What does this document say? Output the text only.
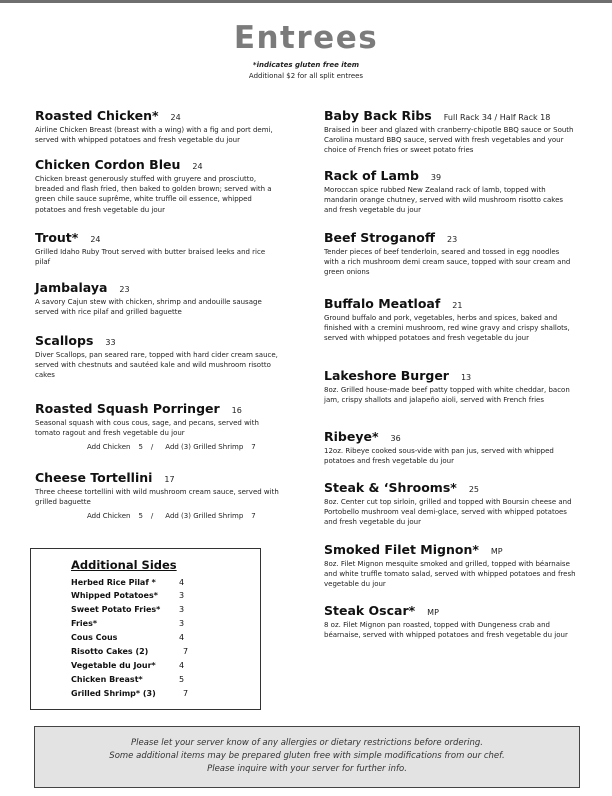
Entrees
*indicates gluten free item
Additional $2 for all split entrees
Roasted Chicken* 24
Airline Chicken Breast (breast with a wing) with a fig and port demi, served with whipped potatoes and fresh vegetable du jour
Chicken Cordon Bleu 24
Chicken breast generously stuffed with gruyere and prosciutto, breaded and flash fried, then baked to golden brown; served with a green chile sauce suprême, white truffle oil essence, whipped potatoes and fresh vegetable du jour
Trout* 24
Grilled Idaho Ruby Trout served with butter braised leeks and rice pilaf
Jambalaya 23
A savory Cajun stew with chicken, shrimp and andouille sausage served with rice pilaf and grilled baguette
Scallops 33
Diver Scallops, pan seared rare, topped with hard cider cream sauce, served with chestnuts and sautéed kale and wild mushroom risotto cakes
Roasted Squash Porringer 16
Seasonal squash with cous cous, sage, and pecans, served with tomato ragout and fresh vegetable du jour
Add Chicken 5 / Add (3) Grilled Shrimp 7
Cheese Tortellini 17
Three cheese tortellini with wild mushroom cream sauce, served with grilled baguette
Add Chicken 5 / Add (3) Grilled Shrimp 7
Baby Back Ribs Full Rack 34 / Half Rack 18
Braised in beer and glazed with cranberry-chipotle BBQ sauce or South Carolina mustard BBQ sauce, served with fresh vegetables and your choice of French fries or sweet potato fries
Rack of Lamb 39
Moroccan spice rubbed New Zealand rack of lamb, topped with mandarin orange chutney, served with wild mushroom risotto cakes and fresh vegetable du jour
Beef Stroganoff 23
Tender pieces of beef tenderloin, seared and tossed in egg noodles with a rich mushroom demi cream sauce, topped with sour cream and green onions
Buffalo Meatloaf 21
Ground buffalo and pork, vegetables, herbs and spices, baked and finished with a cremini mushroom, red wine gravy and crispy shallots, served with whipped potatoes and fresh vegetable du jour
Lakeshore Burger 13
8oz. Grilled house-made beef patty topped with white cheddar, bacon jam, crispy shallots and jalapeño aioli, served with French fries
Ribeye* 36
12oz. Ribeye cooked sous-vide with pan jus, served with whipped potatoes and fresh vegetable du jour
Steak & ‘Shrooms* 25
8oz. Center cut top sirloin, grilled and topped with Boursin cheese and Portobello mushroom veal demi-glace, served with whipped potatoes and fresh vegetable du jour
Smoked Filet Mignon* MP
8oz. Filet Mignon mesquite smoked and grilled, topped with béarnaise and white truffle tomato salad, served with whipped potatoes and fresh vegetable du jour
Steak Oscar* MP
8 oz. Filet Mignon pan roasted, topped with Dungeness crab and béarnaise, served with whipped potatoes and fresh vegetable du jour
Additional Sides
Herbed Rice Pilaf *	4
Whipped Potatoes*	3
Sweet Potato Fries* 3
Fries*	3
Cous Cous	4
Risotto Cakes (2)	7
Vegetable du Jour*	4
Chicken Breast*	5
Grilled Shrimp* (3)	7
Please let your server know of any allergies or dietary restrictions before ordering.
Some additional items may be prepared gluten free with simple modifications from our chef.
Please inquire with your server for further info.
